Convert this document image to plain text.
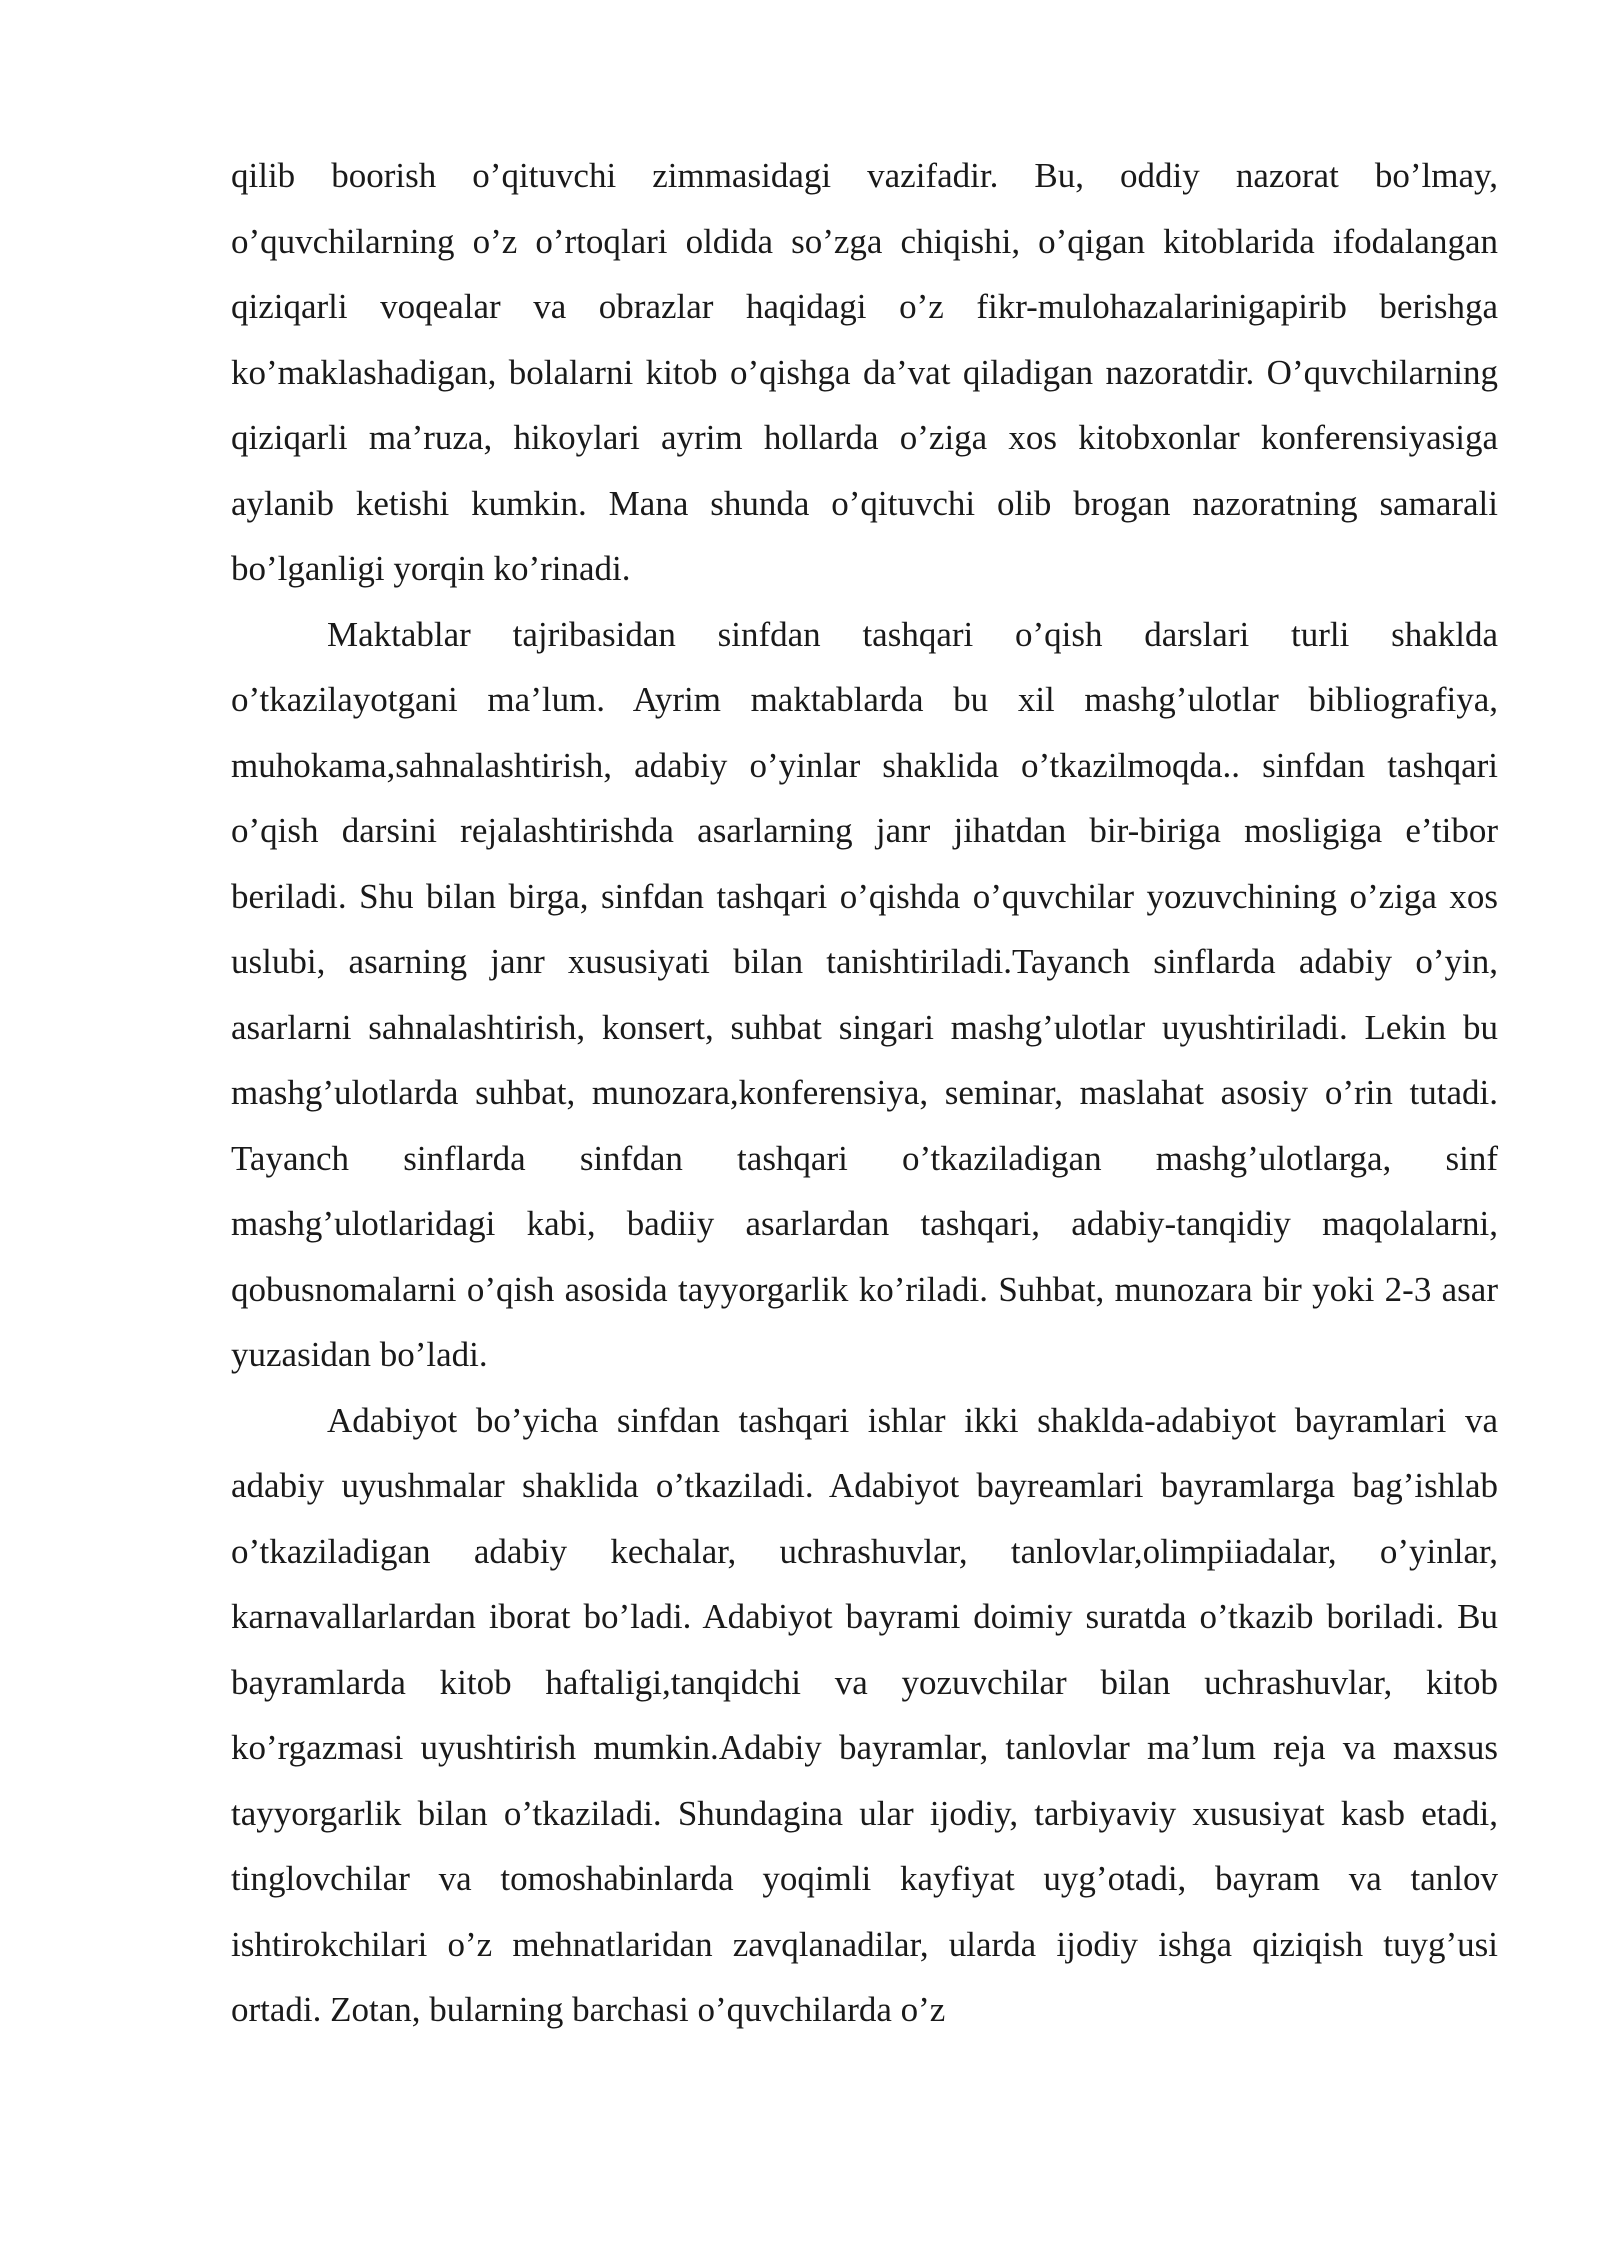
qilib boorish o’qituvchi zimmasidagi vazifadir. Bu, oddiy nazorat bo’lmay, o’quvchilarning o’z o’rtoqlari oldida so’zga chiqishi, o’qigan kitoblarida ifodalangan qiziqarli voqealar va obrazlar haqidagi o’z fikr-mulohazalarinigapirib berishga ko’maklashadigan, bolalarni kitob o’qishga da’vat qiladigan nazoratdir. O’quvchilarning qiziqarli ma’ruza, hikoylari ayrim hollarda o’ziga xos kitobxonlar konferensiyasiga aylanib ketishi kumkin. Mana shunda o’qituvchi olib brogan nazoratning samarali bo’lganligi yorqin ko’rinadi.

Maktablar tajribasidan sinfdan tashqari o’qish darslari turli shaklda o’tkazilayotgani ma’lum. Ayrim maktablarda bu xil mashg’ulotlar bibliografiya, muhokama,sahnalashtirish, adabiy o’yinlar shaklida o’tkazilmoqda.. sinfdan tashqari o’qish darsini rejalashtirishda asarlarning janr jihatdan bir-biriga mosligiga e’tibor beriladi. Shu bilan birga, sinfdan tashqari o’qishda o’quvchilar yozuvchining o’ziga xos uslubi, asarning janr xususiyati bilan tanishtiriladi.Tayanch sinflarda adabiy o’yin, asarlarni sahnalashtirish, konsert, suhbat singari mashg’ulotlar uyushtiriladi. Lekin bu mashg’ulotlarda suhbat, munozara,konferensiya, seminar, maslahat asosiy o’rin tutadi. Tayanch sinflarda sinfdan tashqari o’tkaziladigan mashg’ulotlarga, sinf mashg’ulotlaridagi kabi, badiiy asarlardan tashqari, adabiy-tanqidiy maqolalarni, qobusnomalarni o’qish asosida tayyorgarlik ko’riladi. Suhbat, munozara bir yoki 2-3 asar yuzasidan bo’ladi.

Adabiyot bo’yicha sinfdan tashqari ishlar ikki shaklda-adabiyot bayramlari va adabiy uyushmalar shaklida o’tkaziladi. Adabiyot bayreamlari bayramlarga bag’ishlab o’tkaziladigan adabiy kechalar, uchrashuvlar, tanlovlar,olimpiiadalar, o’yinlar, karnavallarlardan iborat bo’ladi. Adabiyot bayrami doimiy suratda o’tkazib boriladi. Bu bayramlarda kitob haftaligi,tanqidchi va yozuvchilar bilan uchrashuvlar, kitob ko’rgazmasi uyushtirish mumkin.Adabiy bayramlar, tanlovlar ma’lum reja va maxsus tayyorgarlik bilan o’tkaziladi. Shundagina ular ijodiy, tarbiyaviy xususiyat kasb etadi, tinglovchilar va tomoshabinlarda yoqimli kayfiyat uyg’otadi, bayram va tanlov ishtirokchilari o’z mehnatlaridan zavqlanadilar, ularda ijodiy ishga qiziqish tuyg’usi ortadi. Zotan, bularning barchasi o’quvchilarda o’z
